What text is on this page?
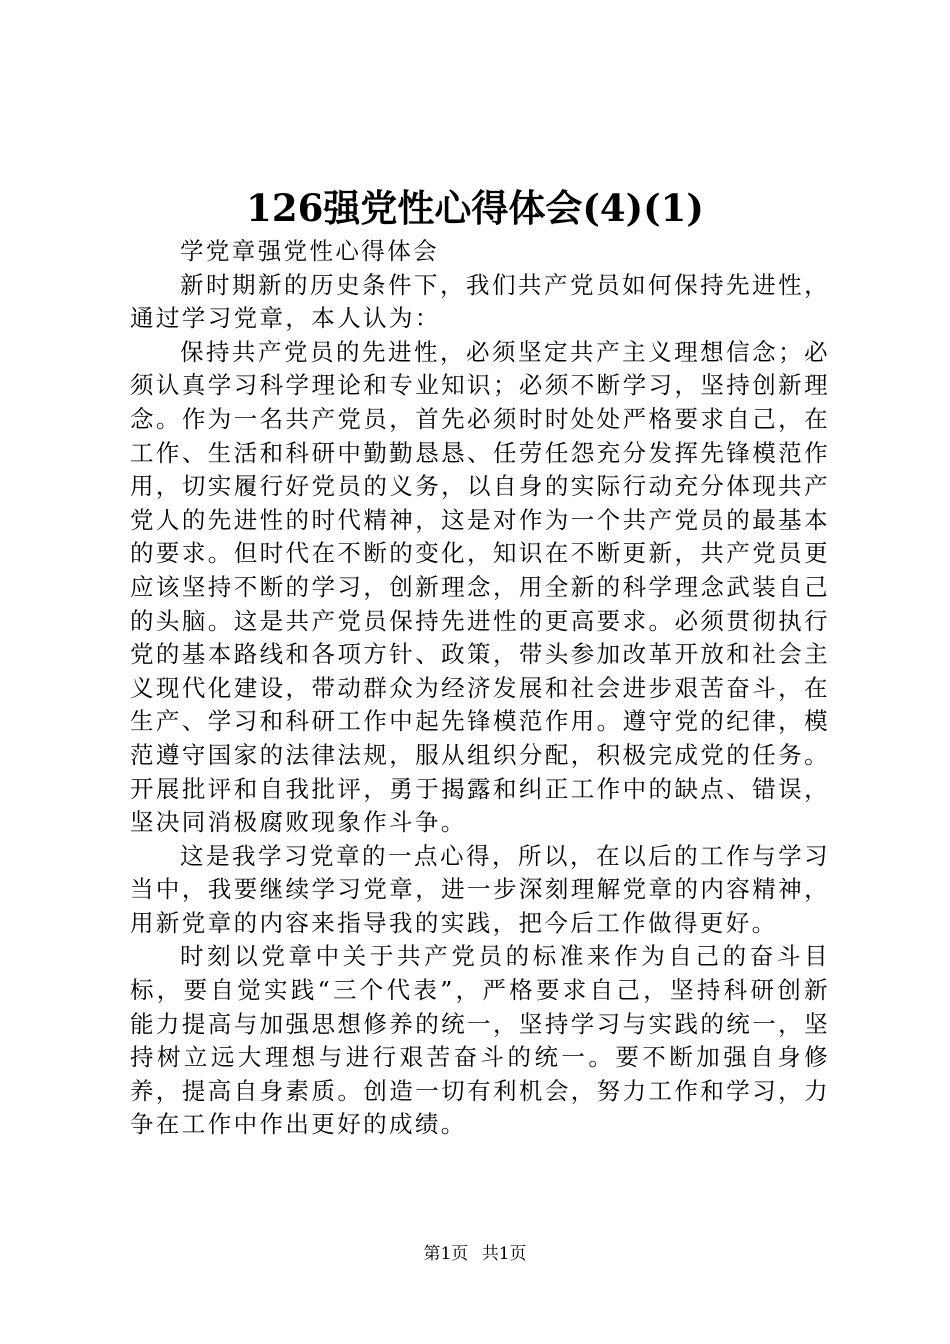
126强党性心得体会(4)(1)

学党章强党性心得体会

新时期新的历史条件下，我们共产党员如何保持先进性，通过学习党章，本人认为：

保持共产党员的先进性，必须坚定共产主义理想信念；必须认真学习科学理论和专业知识；必须不断学习，坚持创新理念。作为一名共产党员，首先必须时时处处严格要求自己，在工作、生活和科研中勤勤恳恳、任劳任怨充分发挥先锋模范作用，切实履行好党员的义务，以自身的实际行动充分体现共产党人的先进性的时代精神，这是对作为一个共产党员的最基本的要求。但时代在不断的变化，知识在不断更新，共产党员更应该坚持不断的学习，创新理念，用全新的科学理念武装自己的头脑。这是共产党员保持先进性的更高要求。必须贯彻执行党的基本路线和各项方针、政策，带头参加改革开放和社会主义现代化建设，带动群众为经济发展和社会进步艰苦奋斗，在生产、学习和科研工作中起先锋模范作用。遵守党的纪律，模范遵守国家的法律法规，服从组织分配，积极完成党的任务。开展批评和自我批评，勇于揭露和纠正工作中的缺点、错误，坚决同消极腐败现象作斗争。

这是我学习党章的一点心得，所以，在以后的工作与学习当中，我要继续学习党章，进一步深刻理解党章的内容精神，用新党章的内容来指导我的实践，把今后工作做得更好。

时刻以党章中关于共产党员的标准来作为自己的奋斗目标，要自觉实践“三个代表”，严格要求自己，坚持科研创新能力提高与加强思想修养的统一，坚持学习与实践的统一，坚持树立远大理想与进行艰苦奋斗的统一。要不断加强自身修养，提高自身素质。创造一切有利机会，努力工作和学习，力争在工作中作出更好的成绩。

第1页 共1页
